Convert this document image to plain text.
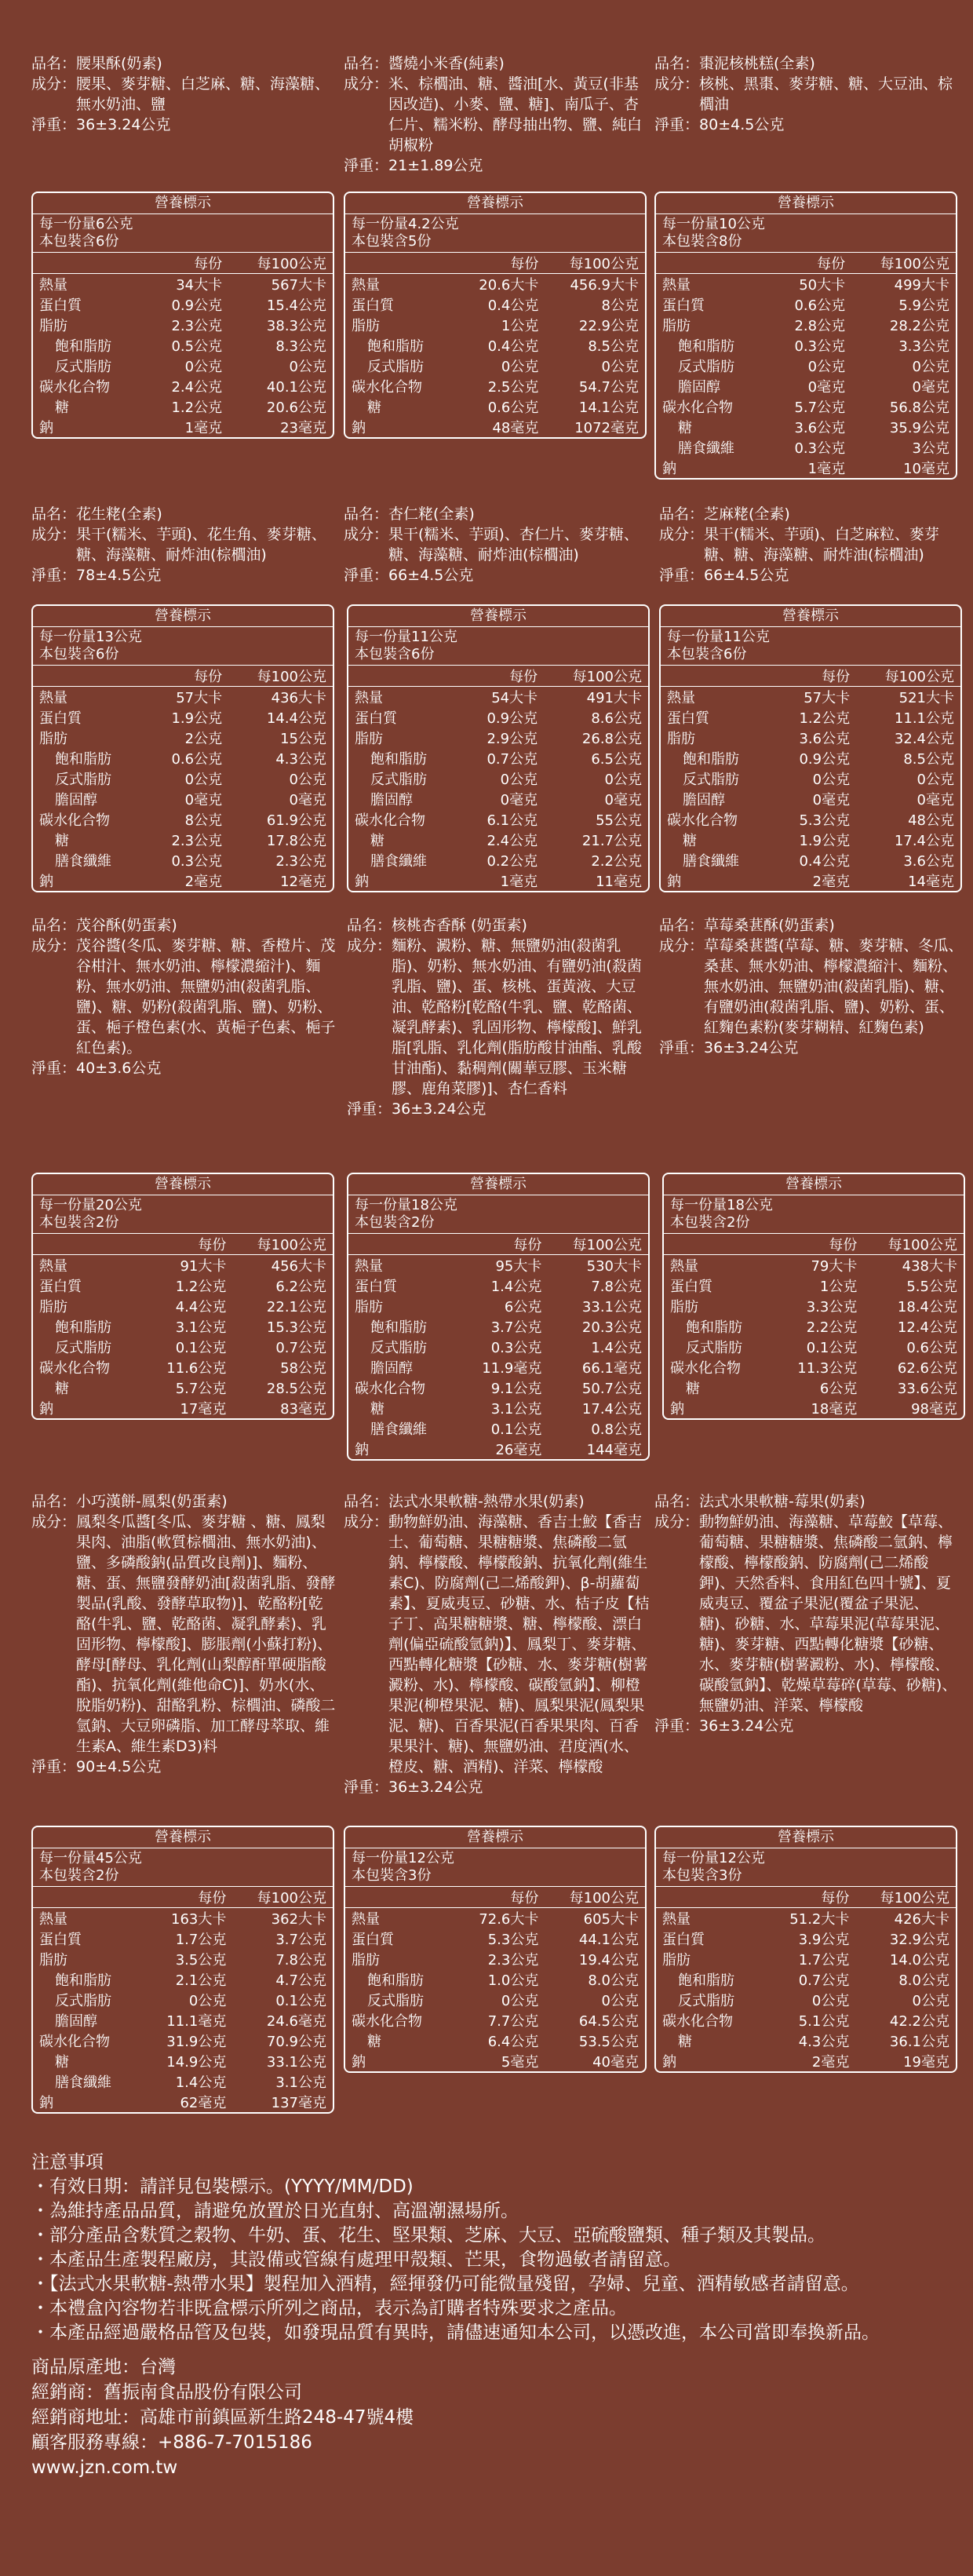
品名： 腰果酥(奶素)
成分： 腰果、麥芽糖、白芝麻、糖、海藻糖、無水奶油、鹽
淨重： 36±3.24公克
品名： 醬燒小米香(純素)
成分： 米、棕櫚油、糖、醬油[水、黃豆(非基因改造)、小麥、鹽、糖]、南瓜子、杏仁片、糯米粉、酵母抽出物、鹽、純白胡椒粉
淨重： 21±1.89公克
品名： 棗泥核桃糕(全素)
成分： 核桃、黑棗、麥芽糖、糖、大豆油、棕櫚油
淨重： 80±4.5公克
營養標示
每一份量6公克
本包裝含6份
	每份	每100公克
熱量	34大卡	567大卡
蛋白質	0.9公克	15.4公克
脂肪	2.3公克	38.3公克
飽和脂肪	0.5公克	8.3公克
反式脂肪	0公克	0公克
碳水化合物	2.4公克	40.1公克
糖	1.2公克	20.6公克
鈉	1毫克	23毫克
營養標示
每一份量4.2公克
本包裝含5份
	每份	每100公克
熱量	20.6大卡	456.9大卡
蛋白質	0.4公克	8公克
脂肪	1公克	22.9公克
飽和脂肪	0.4公克	8.5公克
反式脂肪	0公克	0公克
碳水化合物	2.5公克	54.7公克
糖	0.6公克	14.1公克
鈉	48毫克	1072毫克
營養標示
每一份量10公克
本包裝含8份
	每份	每100公克
熱量	50大卡	499大卡
蛋白質	0.6公克	5.9公克
脂肪	2.8公克	28.2公克
飽和脂肪	0.3公克	3.3公克
反式脂肪	0公克	0公克
膽固醇	0毫克	0毫克
碳水化合物	5.7公克	56.8公克
糖	3.6公克	35.9公克
膳食纖維	0.3公克	3公克
鈉	1毫克	10毫克
品名： 花生粩(全素)
成分： 果干(糯米、芋頭)、花生角、麥芽糖、糖、海藻糖、耐炸油(棕櫚油)
淨重： 78±4.5公克
品名： 杏仁粩(全素)
成分： 果干(糯米、芋頭)、杏仁片、麥芽糖、糖、海藻糖、耐炸油(棕櫚油)
淨重： 66±4.5公克
品名： 芝麻粩(全素)
成分： 果干(糯米、芋頭)、白芝麻粒、麥芽糖、糖、海藻糖、耐炸油(棕櫚油)
淨重： 66±4.5公克
營養標示
每一份量13公克
本包裝含6份
	每份	每100公克
熱量	57大卡	436大卡
蛋白質	1.9公克	14.4公克
脂肪	2公克	15公克
飽和脂肪	0.6公克	4.3公克
反式脂肪	0公克	0公克
膽固醇	0毫克	0毫克
碳水化合物	8公克	61.9公克
糖	2.3公克	17.8公克
膳食纖維	0.3公克	2.3公克
鈉	2毫克	12毫克
營養標示
每一份量11公克
本包裝含6份
	每份	每100公克
熱量	54大卡	491大卡
蛋白質	0.9公克	8.6公克
脂肪	2.9公克	26.8公克
飽和脂肪	0.7公克	6.5公克
反式脂肪	0公克	0公克
膽固醇	0毫克	0毫克
碳水化合物	6.1公克	55公克
糖	2.4公克	21.7公克
膳食纖維	0.2公克	2.2公克
鈉	1毫克	11毫克
營養標示
每一份量11公克
本包裝含6份
	每份	每100公克
熱量	57大卡	521大卡
蛋白質	1.2公克	11.1公克
脂肪	3.6公克	32.4公克
飽和脂肪	0.9公克	8.5公克
反式脂肪	0公克	0公克
膽固醇	0毫克	0毫克
碳水化合物	5.3公克	48公克
糖	1.9公克	17.4公克
膳食纖維	0.4公克	3.6公克
鈉	2毫克	14毫克
品名： 茂谷酥(奶蛋素)
成分： 茂谷醬(冬瓜、麥芽糖、糖、香橙片、茂谷柑汁、無水奶油、檸檬濃縮汁)、麵粉、無水奶油、無鹽奶油(殺菌乳脂、鹽)、糖、奶粉(殺菌乳脂、鹽)、奶粉、蛋、梔子橙色素(水、黃梔子色素、梔子紅色素)。
淨重： 40±3.6公克
品名： 核桃杏香酥 (奶蛋素)
成分： 麵粉、澱粉、糖、無鹽奶油(殺菌乳脂)、奶粉、無水奶油、有鹽奶油(殺菌乳脂、鹽)、蛋、核桃、蛋黃液、大豆油、乾酪粉[乾酪(牛乳、鹽、乾酪菌、凝乳酵素)、乳固形物、檸檬酸]、鮮乳脂[乳脂、乳化劑(脂肪酸甘油酯、乳酸甘油酯)、黏稠劑(關華豆膠、玉米糖膠、鹿角菜膠)]、杏仁香料
淨重： 36±3.24公克
品名： 草莓桑葚酥(奶蛋素)
成分： 草莓桑葚醬(草莓、糖、麥芽糖、冬瓜、桑葚、無水奶油、檸檬濃縮汁、麵粉、無水奶油、無鹽奶油(殺菌乳脂)、糖、有鹽奶油(殺菌乳脂、鹽)、奶粉、蛋、紅麴色素粉(麥芽糊精、紅麴色素)
淨重： 36±3.24公克
營養標示
每一份量20公克
本包裝含2份
	每份	每100公克
熱量	91大卡	456大卡
蛋白質	1.2公克	6.2公克
脂肪	4.4公克	22.1公克
飽和脂肪	3.1公克	15.3公克
反式脂肪	0.1公克	0.7公克
碳水化合物	11.6公克	58公克
糖	5.7公克	28.5公克
鈉	17毫克	83毫克
營養標示
每一份量18公克
本包裝含2份
	每份	每100公克
熱量	95大卡	530大卡
蛋白質	1.4公克	7.8公克
脂肪	6公克	33.1公克
飽和脂肪	3.7公克	20.3公克
反式脂肪	0.3公克	1.4公克
膽固醇	11.9毫克	66.1毫克
碳水化合物	9.1公克	50.7公克
糖	3.1公克	17.4公克
膳食纖維	0.1公克	0.8公克
鈉	26毫克	144毫克
營養標示
每一份量18公克
本包裝含2份
	每份	每100公克
熱量	79大卡	438大卡
蛋白質	1公克	5.5公克
脂肪	3.3公克	18.4公克
飽和脂肪	2.2公克	12.4公克
反式脂肪	0.1公克	0.6公克
碳水化合物	11.3公克	62.6公克
糖	6公克	33.6公克
鈉	18毫克	98毫克
品名： 小巧漢餅-鳳梨(奶蛋素)
成分： 鳳梨冬瓜醬[冬瓜、麥芽糖 、糖、鳳梨果肉、油脂(軟質棕櫚油、無水奶油)、鹽、多磷酸鈉(品質改良劑)]、麵粉、糖、蛋、無鹽發酵奶油[殺菌乳脂、發酵製品(乳酸、發酵草取物)]、乾酪粉[乾酪(牛乳、鹽、乾酪菌、凝乳酵素)、乳固形物、檸檬酸]、膨脹劑(小蘇打粉)、酵母[酵母、乳化劑(山梨醇酐單硬脂酸酯)、抗氧化劑(維他命C)]、奶水(水、脫脂奶粉)、甜酪乳粉、棕櫚油、磷酸二氫鈉、大豆卵磷脂、加工酵母萃取、維生素A、維生素D3)料
淨重： 90±4.5公克
品名： 法式水果軟糖-熱帶水果(奶素)
成分： 動物鮮奶油、海藻糖、香吉士鮫【香吉士、葡萄糖、果糖糖漿、焦磷酸二氫鈉、檸檬酸、檸檬酸鈉、抗氧化劑(維生素C)、防腐劑(己二烯酸鉀)、β-胡蘿蔔素】、夏威夷豆、砂糖、水、桔子皮【桔子丁、高果糖糖漿、糖、檸檬酸、漂白劑(偏亞硫酸氫鈉)】、鳳梨丁、麥芽糖、西點轉化糖漿【砂糖、水、麥芽糖(樹薯澱粉、水)、檸檬酸、碳酸氫鈉】、柳橙果泥(柳橙果泥、糖)、鳳梨果泥(鳳梨果泥、糖)、百香果泥(百香果果肉、百香果果汁、糖)、無鹽奶油、君度酒(水、橙皮、糖、酒精)、洋菜、檸檬酸
淨重： 36±3.24公克
品名： 法式水果軟糖-莓果(奶素)
成分： 動物鮮奶油、海藻糖、草莓鮫【草莓、葡萄糖、果糖糖漿、焦磷酸二氫鈉、檸檬酸、檸檬酸鈉、防腐劑(己二烯酸鉀)、天然香料、食用紅色四十號】、夏威夷豆、覆盆子果泥(覆盆子果泥、糖)、砂糖、水、草莓果泥(草莓果泥、糖)、麥芽糖、西點轉化糖漿【砂糖、水、麥芽糖(樹薯澱粉、水)、檸檬酸、碳酸氫鈉】、乾燥草莓碎(草莓、砂糖)、無鹽奶油、洋菜、檸檬酸
淨重： 36±3.24公克
營養標示
每一份量45公克
本包裝含2份
	每份	每100公克
熱量	163大卡	362大卡
蛋白質	1.7公克	3.7公克
脂肪	3.5公克	7.8公克
飽和脂肪	2.1公克	4.7公克
反式脂肪	0公克	0.1公克
膽固醇	11.1毫克	24.6毫克
碳水化合物	31.9公克	70.9公克
糖	14.9公克	33.1公克
膳食纖維	1.4公克	3.1公克
鈉	62毫克	137毫克
營養標示
每一份量12公克
本包裝含3份
	每份	每100公克
熱量	72.6大卡	605大卡
蛋白質	5.3公克	44.1公克
脂肪	2.3公克	19.4公克
飽和脂肪	1.0公克	8.0公克
反式脂肪	0公克	0公克
碳水化合物	7.7公克	64.5公克
糖	6.4公克	53.5公克
鈉	5毫克	40毫克
營養標示
每一份量12公克
本包裝含3份
	每份	每100公克
熱量	51.2大卡	426大卡
蛋白質	3.9公克	32.9公克
脂肪	1.7公克	14.0公克
飽和脂肪	0.7公克	8.0公克
反式脂肪	0公克	0公克
碳水化合物	5.1公克	42.2公克
糖	4.3公克	36.1公克
鈉	2毫克	19毫克

注意事項

・有效日期：請詳見包裝標示。(YYYY/MM/DD)

・為維持產品品質，請避免放置於日光直射、高溫潮濕場所。

・部分產品含麩質之穀物、牛奶、蛋、花生、堅果類、芝麻、大豆、亞硫酸鹽類、種子類及其製品。

・本產品生產製程廠房，其設備或管線有處理甲殼類、芒果，食物過敏者請留意。

・【法式水果軟糖-熱帶水果】製程加入酒精，經揮發仍可能微量殘留，孕婦、兒童、酒精敏感者請留意。

・本禮盒內容物若非既盒標示所列之商品，表示為訂購者特殊要求之產品。

・本產品經過嚴格品管及包裝，如發現品質有異時，請儘速通知本公司，以憑改進，本公司當即奉換新品。

商品原產地：台灣

經銷商：舊振南食品股份有限公司

經銷商地址：高雄市前鎮區新生路248-47號4樓

顧客服務專線：+886-7-7015186

www.jzn.com.tw
